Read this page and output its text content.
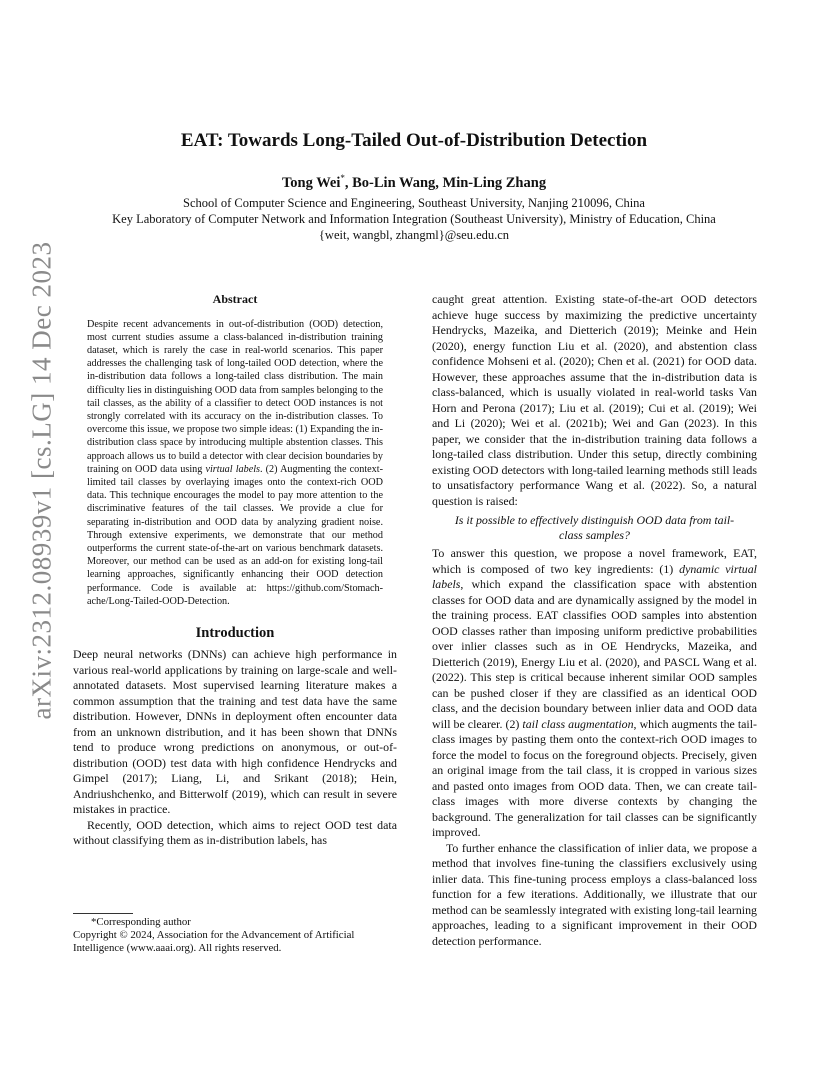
arXiv:2312.08939v1 [cs.LG] 14 Dec 2023
EAT: Towards Long-Tailed Out-of-Distribution Detection
Tong Wei*, Bo-Lin Wang, Min-Ling Zhang
School of Computer Science and Engineering, Southeast University, Nanjing 210096, China
Key Laboratory of Computer Network and Information Integration (Southeast University), Ministry of Education, China
{weit, wangbl, zhangml}@seu.edu.cn
Abstract
Despite recent advancements in out-of-distribution (OOD) detection, most current studies assume a class-balanced in-distribution training dataset, which is rarely the case in real-world scenarios. This paper addresses the challenging task of long-tailed OOD detection, where the in-distribution data follows a long-tailed class distribution. The main difficulty lies in distinguishing OOD data from samples belonging to the tail classes, as the ability of a classifier to detect OOD instances is not strongly correlated with its accuracy on the in-distribution classes. To overcome this issue, we propose two simple ideas: (1) Expanding the in-distribution class space by introducing multiple abstention classes. This approach allows us to build a detector with clear decision boundaries by training on OOD data using virtual labels. (2) Augmenting the context-limited tail classes by overlaying images onto the context-rich OOD data. This technique encourages the model to pay more attention to the discriminative features of the tail classes. We provide a clue for separating in-distribution and OOD data by analyzing gradient noise. Through extensive experiments, we demonstrate that our method outperforms the current state-of-the-art on various benchmark datasets. Moreover, our method can be used as an add-on for existing long-tail learning approaches, significantly enhancing their OOD detection performance. Code is available at: https://github.com/Stomach-ache/Long-Tailed-OOD-Detection.
Introduction

Deep neural networks (DNNs) can achieve high performance in various real-world applications by training on large-scale and well-annotated datasets. Most supervised learning literature makes a common assumption that the training and test data have the same distribution. However, DNNs in deployment often encounter data from an unknown distribution, and it has been shown that DNNs tend to produce wrong predictions on anonymous, or out-of-distribution (OOD) test data with high confidence Hendrycks and Gimpel (2017); Liang, Li, and Srikant (2018); Hein, Andriushchenko, and Bitterwolf (2019), which can result in severe mistakes in practice.

Recently, OOD detection, which aims to reject OOD test data without classifying them as in-distribution labels, has

*Corresponding author
Copyright © 2024, Association for the Advancement of Artificial Intelligence (www.aaai.org). All rights reserved.

caught great attention. Existing state-of-the-art OOD detectors achieve huge success by maximizing the predictive uncertainty Hendrycks, Mazeika, and Dietterich (2019); Meinke and Hein (2020), energy function Liu et al. (2020), and abstention class confidence Mohseni et al. (2020); Chen et al. (2021) for OOD data. However, these approaches assume that the in-distribution data is class-balanced, which is usually violated in real-world tasks Van Horn and Perona (2017); Liu et al. (2019); Cui et al. (2019); Wei and Li (2020); Wei et al. (2021b); Wei and Gan (2023). In this paper, we consider that the in-distribution training data follows a long-tailed class distribution. Under this setup, directly combining existing OOD detectors with long-tailed learning methods still leads to unsatisfactory performance Wang et al. (2022). So, a natural question is raised:

Is it possible to effectively distinguish OOD data from tail-class samples?

To answer this question, we propose a novel framework, EAT, which is composed of two key ingredients: (1) dynamic virtual labels, which expand the classification space with abstention classes for OOD data and are dynamically assigned by the model in the training process. EAT classifies OOD samples into abstention OOD classes rather than imposing uniform predictive probabilities over inlier classes such as in OE Hendrycks, Mazeika, and Dietterich (2019), Energy Liu et al. (2020), and PASCL Wang et al. (2022). This step is critical because inherent similar OOD samples can be pushed closer if they are classified as an identical OOD class, and the decision boundary between inlier data and OOD data will be clearer. (2) tail class augmentation, which augments the tail-class images by pasting them onto the context-rich OOD images to force the model to focus on the foreground objects. Precisely, given an original image from the tail class, it is cropped in various sizes and pasted onto images from OOD data. Then, we can create tail-class images with more diverse contexts by changing the background. The generalization for tail classes can be significantly improved.

To further enhance the classification of inlier data, we propose a method that involves fine-tuning the classifiers exclusively using inlier data. This fine-tuning process employs a class-balanced loss function for a few iterations. Additionally, we illustrate that our method can be seamlessly integrated with existing long-tail learning approaches, leading to a significant improvement in their OOD detection performance.
